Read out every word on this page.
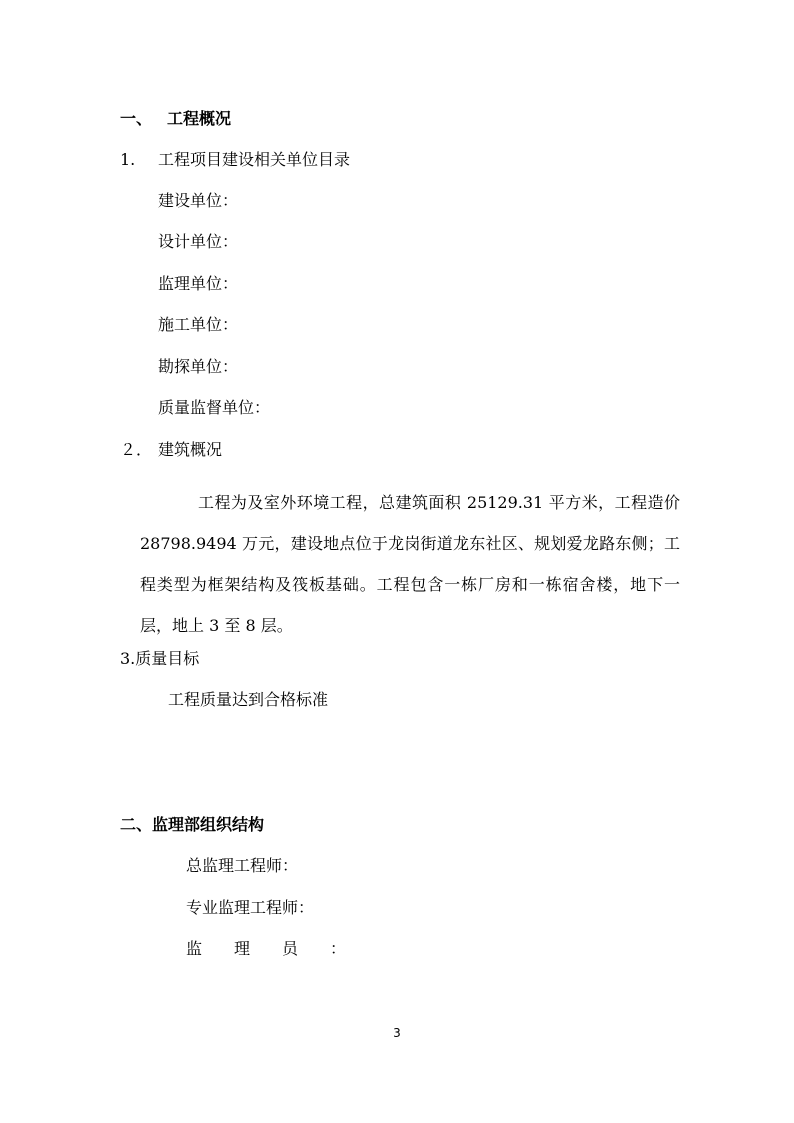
一、 工程概况
1. 工程项目建设相关单位目录
建设单位：
设计单位：
监理单位：
施工单位：
勘探单位：
质量监督单位：
２． 建筑概况
工程为及室外环境工程，总建筑面积 25129.31 平方米，工程造价 28798.9494 万元，建设地点位于龙岗街道龙东社区、规划爱龙路东侧；工程类型为框架结构及筏板基础。工程包含一栋厂房和一栋宿舍楼，地下一层，地上 3 至 8 层。
3.质量目标
工程质量达到合格标准
二、监理部组织结构
总监理工程师：
专业监理工程师：
监　　理　　员　　：
3
